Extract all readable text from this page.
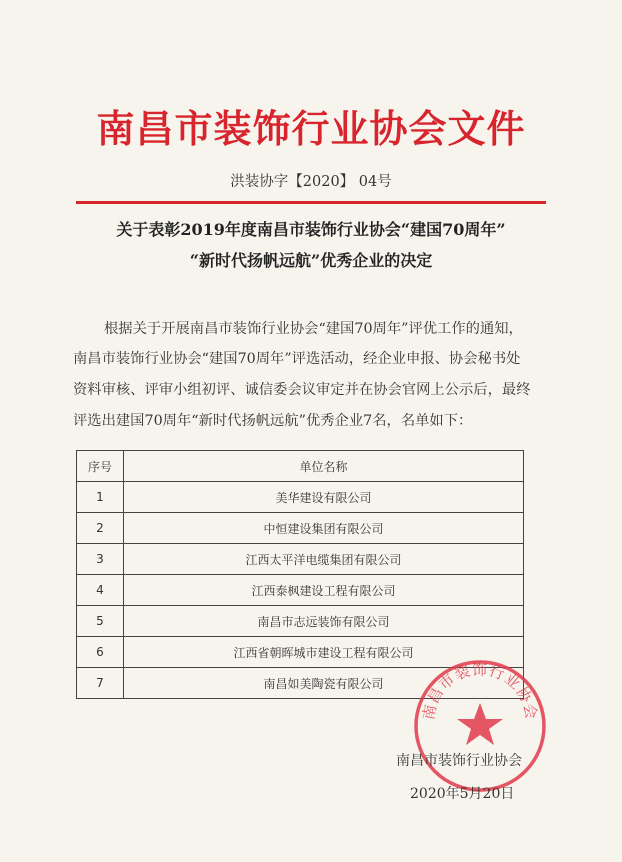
南昌市装饰行业协会文件
洪装协字【2020】 04号
关于表彰2019年度南昌市装饰行业协会“建国70周年”
“新时代扬帆远航”优秀企业的决定
根据关于开展南昌市装饰行业协会“建国70周年”评优工作的通知，
南昌市装饰行业协会“建国70周年”评选活动，经企业申报、协会秘书处
资料审核、评审小组初评、诚信委会议审定并在协会官网上公示后，最终
评选出建国70周年“新时代扬帆远航”优秀企业7名，名单如下：
序号	单位名称
1	美华建设有限公司
2	中恒建设集团有限公司
3	江西太平洋电缆集团有限公司
4	江西泰枫建设工程有限公司
5	南昌市志远装饰有限公司
6	江西省朝晖城市建设工程有限公司
7	南昌如美陶瓷有限公司
南昌市装饰行业协会
南昌市装饰行业协会
2020年5月20日
